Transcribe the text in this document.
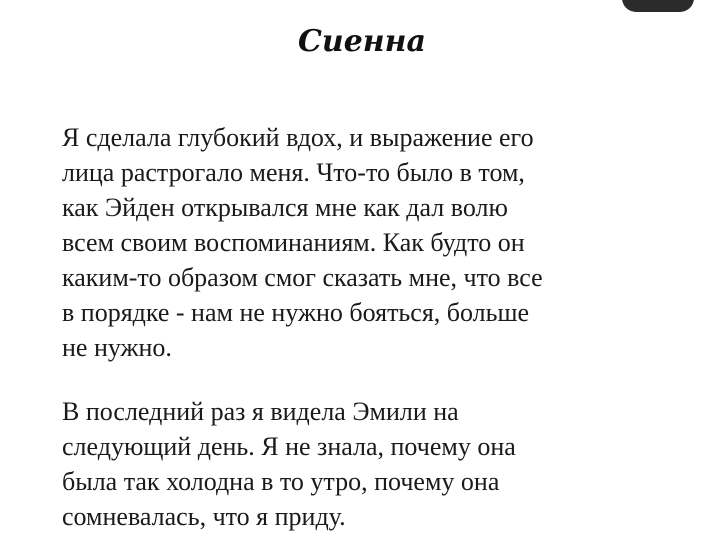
Сиенна

Я сделала глубокий вдох, и выражение его
лица растрогало меня. Что-то было в том,
как Эйден открывался мне как дал волю
всем своим воспоминаниям. Как будто он
каким-то образом смог сказать мне, что все
в порядке - нам не нужно бояться, больше
не нужно.

В последний раз я видела Эмили на
следующий день. Я не знала, почему она
была так холодна в то утро, почему она
сомневалась, что я приду.
